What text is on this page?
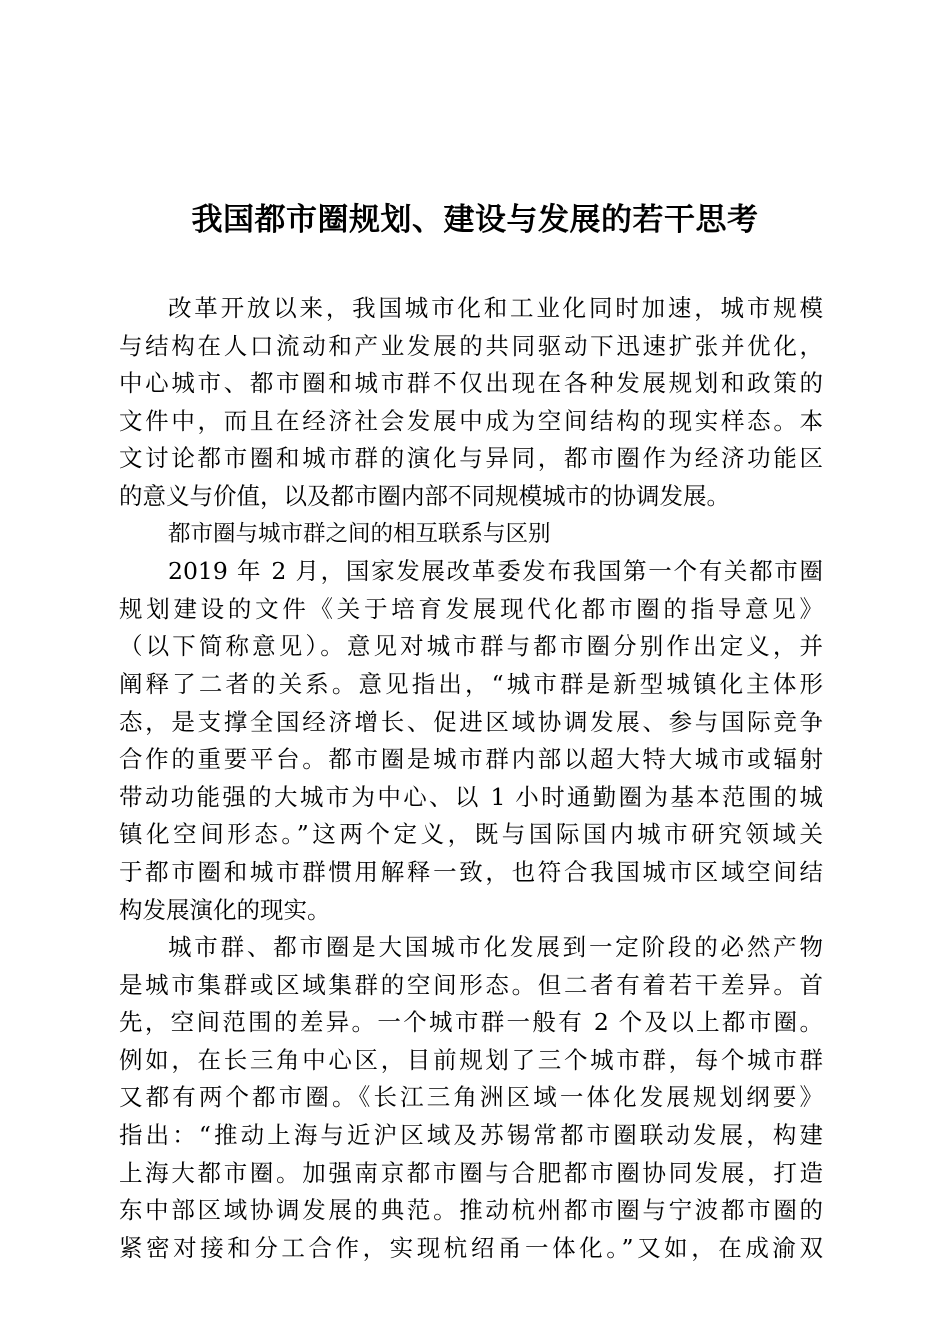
我国都市圈规划、建设与发展的若干思考
改革开放以来，我国城市化和工业化同时加速，城市规模
与结构在人口流动和产业发展的共同驱动下迅速扩张并优化，
中心城市、都市圈和城市群不仅出现在各种发展规划和政策的
文件中，而且在经济社会发展中成为空间结构的现实样态。本
文讨论都市圈和城市群的演化与异同，都市圈作为经济功能区
的意义与价值，以及都市圈内部不同规模城市的协调发展。
都市圈与城市群之间的相互联系与区别
2019 年 2 月，国家发展改革委发布我国第一个有关都市圈
规划建设的文件《关于培育发展现代化都市圈的指导意见》
（以下简称意见）。意见对城市群与都市圈分别作出定义，并
阐释了二者的关系。意见指出，“城市群是新型城镇化主体形
态，是支撑全国经济增长、促进区域协调发展、参与国际竞争
合作的重要平台。都市圈是城市群内部以超大特大城市或辐射
带动功能强的大城市为中心、以 1 小时通勤圈为基本范围的城
镇化空间形态。”这两个定义，既与国际国内城市研究领域关
于都市圈和城市群惯用解释一致，也符合我国城市区域空间结
构发展演化的现实。
城市群、都市圈是大国城市化发展到一定阶段的必然产物
是城市集群或区域集群的空间形态。但二者有着若干差异。首
先，空间范围的差异。一个城市群一般有 2 个及以上都市圈。
例如，在长三角中心区，目前规划了三个城市群，每个城市群
又都有两个都市圈。《长江三角洲区域一体化发展规划纲要》
指出：“推动上海与近沪区域及苏锡常都市圈联动发展，构建
上海大都市圈。加强南京都市圈与合肥都市圈协同发展，打造
东中部区域协调发展的典范。推动杭州都市圈与宁波都市圈的
紧密对接和分工合作，实现杭绍甬一体化。”又如，在成渝双
